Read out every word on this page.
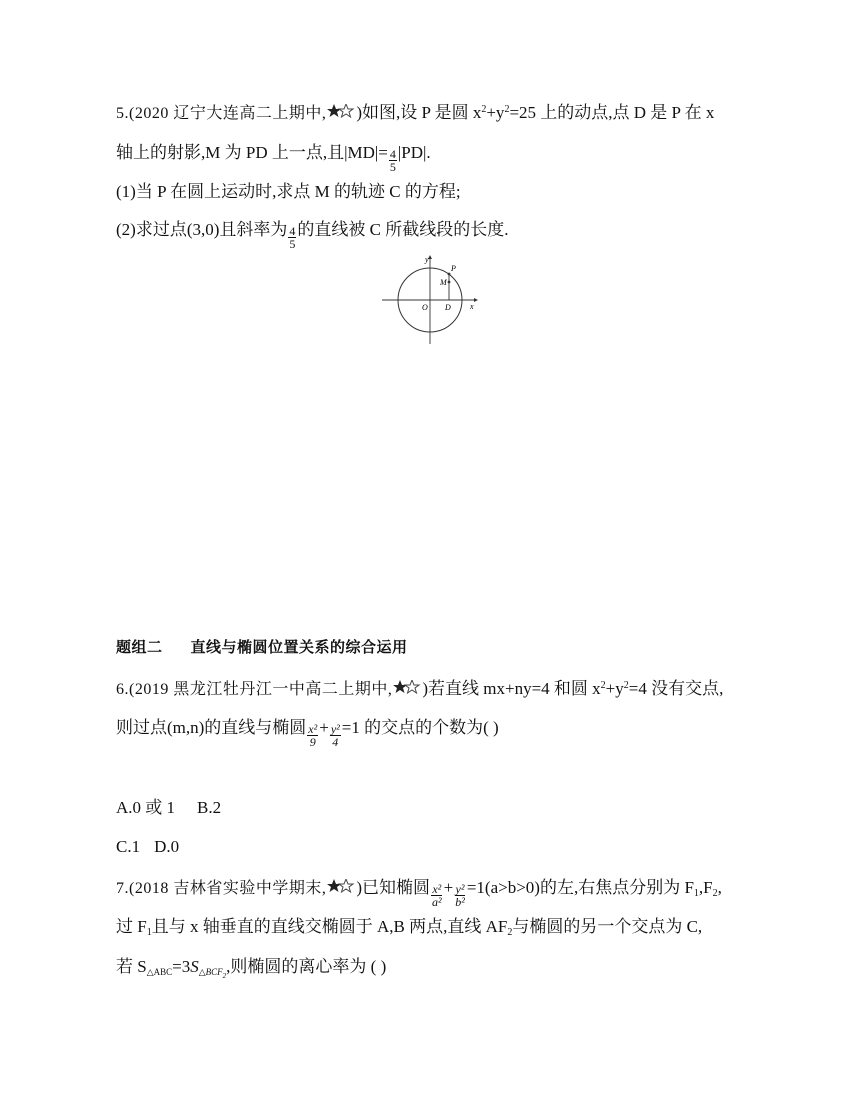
5.(2020 辽宁大连高二上期中, )如图,设 P 是圆 $x^2+y^2=25$ 上的动点,点 D 是 P 在 x
轴上的射影,M 为 PD 上一点,且$|MD|= \frac{4}{5} |PD|$.
(1)当 P 在圆上运动时,求点 M 的轨迹 C 的方程;
(2)求过点(3,0)且斜率为 $\frac{4}{5}$ 的直线被 C 所截线段的长度.
y
x
P
M
O D
题组二 直线与椭圆位置关系的综合运用
6.(2019 黑龙江牡丹江一中高二上期中, )若直线 mx+ny=4 和圆 $x^2+y^2=4$ 没有交点,
则过点(m,n)的直线与椭圆 $\frac{\text{x²}}{9} + \frac{\text{y²}}{4} =1$ 的交点的个数为( )
A.0 或 1 B.2
C.1 D.0
7.(2018 吉林省实验中学期末, )已知椭圆 $\frac{\text{x²}}{\text{a²}} + \frac{\text{y²}}{\text{b²}} =1(a>b>0)$的左,右焦点分别为 $F_1,F_2$,
过 $F_1$且与 x 轴垂直的直线交椭圆于 A,B 两点,直线 $AF_2$与椭圆的另一个交点为 C,
若 $S_{\triangle ABC}=3S_{\triangle BCF_2}$,则椭圆的离心率为 ( )
